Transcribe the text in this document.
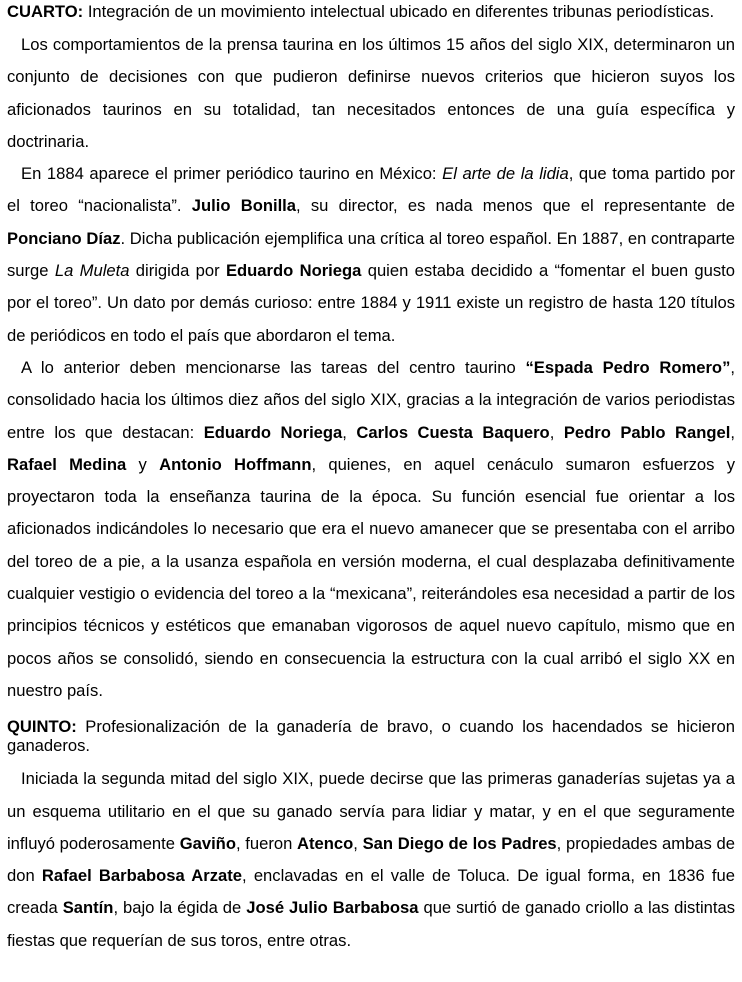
CUARTO: Integración de un movimiento intelectual ubicado en diferentes tribunas periodísticas.

Los comportamientos de la prensa taurina en los últimos 15 años del siglo XIX, determinaron un conjunto de decisiones con que pudieron definirse nuevos criterios que hicieron suyos los aficionados taurinos en su totalidad, tan necesitados entonces de una guía específica y doctrinaria.

En 1884 aparece el primer periódico taurino en México: El arte de la lidia, que toma partido por el toreo “nacionalista”. Julio Bonilla, su director, es nada menos que el representante de Ponciano Díaz. Dicha publicación ejemplifica una crítica al toreo español. En 1887, en contraparte surge La Muleta dirigida por Eduardo Noriega quien estaba decidido a “fomentar el buen gusto por el toreo”. Un dato por demás curioso: entre 1884 y 1911 existe un registro de hasta 120 títulos de periódicos en todo el país que abordaron el tema.

A lo anterior deben mencionarse las tareas del centro taurino “Espada Pedro Romero”, consolidado hacia los últimos diez años del siglo XIX, gracias a la integración de varios periodistas entre los que destacan: Eduardo Noriega, Carlos Cuesta Baquero, Pedro Pablo Rangel, Rafael Medina y Antonio Hoffmann, quienes, en aquel cenáculo sumaron esfuerzos y proyectaron toda la enseñanza taurina de la época. Su función esencial fue orientar a los aficionados indicándoles lo necesario que era el nuevo amanecer que se presentaba con el arribo del toreo de a pie, a la usanza española en versión moderna, el cual desplazaba definitivamente cualquier vestigio o evidencia del toreo a la “mexicana”, reiterándoles esa necesidad a partir de los principios técnicos y estéticos que emanaban vigorosos de aquel nuevo capítulo, mismo que en pocos años se consolidó, siendo en consecuencia la estructura con la cual arribó el siglo XX en nuestro país.

QUINTO: Profesionalización de la ganadería de bravo, o cuando los hacendados se hicieron ganaderos.

Iniciada la segunda mitad del siglo XIX, puede decirse que las primeras ganaderías sujetas ya a un esquema utilitario en el que su ganado servía para lidiar y matar, y en el que seguramente influyó poderosamente Gaviño, fueron Atenco, San Diego de los Padres, propiedades ambas de don Rafael Barbabosa Arzate, enclavadas en el valle de Toluca. De igual forma, en 1836 fue creada Santín, bajo la égida de José Julio Barbabosa que surtió de ganado criollo a las distintas fiestas que requerían de sus toros, entre otras.
